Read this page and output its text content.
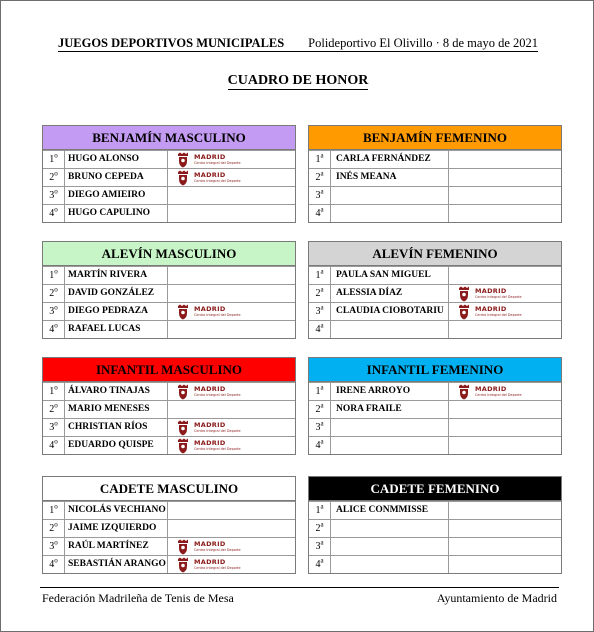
JUEGOS DEPORTIVOS MUNICIPALES Polideportivo El Olivillo · 8 de mayo de 2021
CUADRO DE HONOR
BENJAMÍN MASCULINO
1$^o$	HUGO ALONSO	MADRID
Centro Integral del Deporte
2$^o$	BRUNO CEPEDA	MADRID
Centro Integral del Deporte
3$^o$	DIEGO AMIEIRO
4$^o$	HUGO CAPULINO
BENJAMÍN FEMENINO
1$^a$	CARLA FERNÁNDEZ
2$^a$	INÉS MEANA
3$^a$
4$^a$
ALEVÍN MASCULINO
1$^o$	MARTÍN RIVERA
2$^o$	DAVID GONZÁLEZ
3$^o$	DIEGO PEDRAZA	MADRID
Centro Integral del Deporte
4$^o$	RAFAEL LUCAS
ALEVÍN FEMENINO
1$^a$	PAULA SAN MIGUEL
2$^a$	ALESSIA DÍAZ	MADRID
Centro Integral del Deporte
3$^a$	CLAUDIA CIOBOTARIU	MADRID
Centro Integral del Deporte
4$^a$
INFANTIL MASCULINO
1$^o$	ÁLVARO TINAJAS	MADRID
Centro Integral del Deporte
2$^o$	MARIO MENESES
3$^o$	CHRISTIAN RÍOS	MADRID
Centro Integral del Deporte
4$^o$	EDUARDO QUISPE	MADRID
Centro Integral del Deporte
INFANTIL FEMENINO
1$^a$	IRENE ARROYO	MADRID
Centro Integral del Deporte
2$^a$	NORA FRAILE
3$^a$
4$^a$
CADETE MASCULINO
1$^o$	NICOLÁS VECHIANO
2$^o$	JAIME IZQUIERDO
3$^o$	RAÚL MARTÍNEZ	MADRID
Centro Integral del Deporte
4$^o$	SEBASTIÁN ARANGO	MADRID
Centro Integral del Deporte
CADETE FEMENINO
1$^a$	ALICE CONMMISSE
2$^a$
3$^a$
4$^a$
Federación Madrileña de Tenis de Mesa	Ayuntamiento de Madrid
